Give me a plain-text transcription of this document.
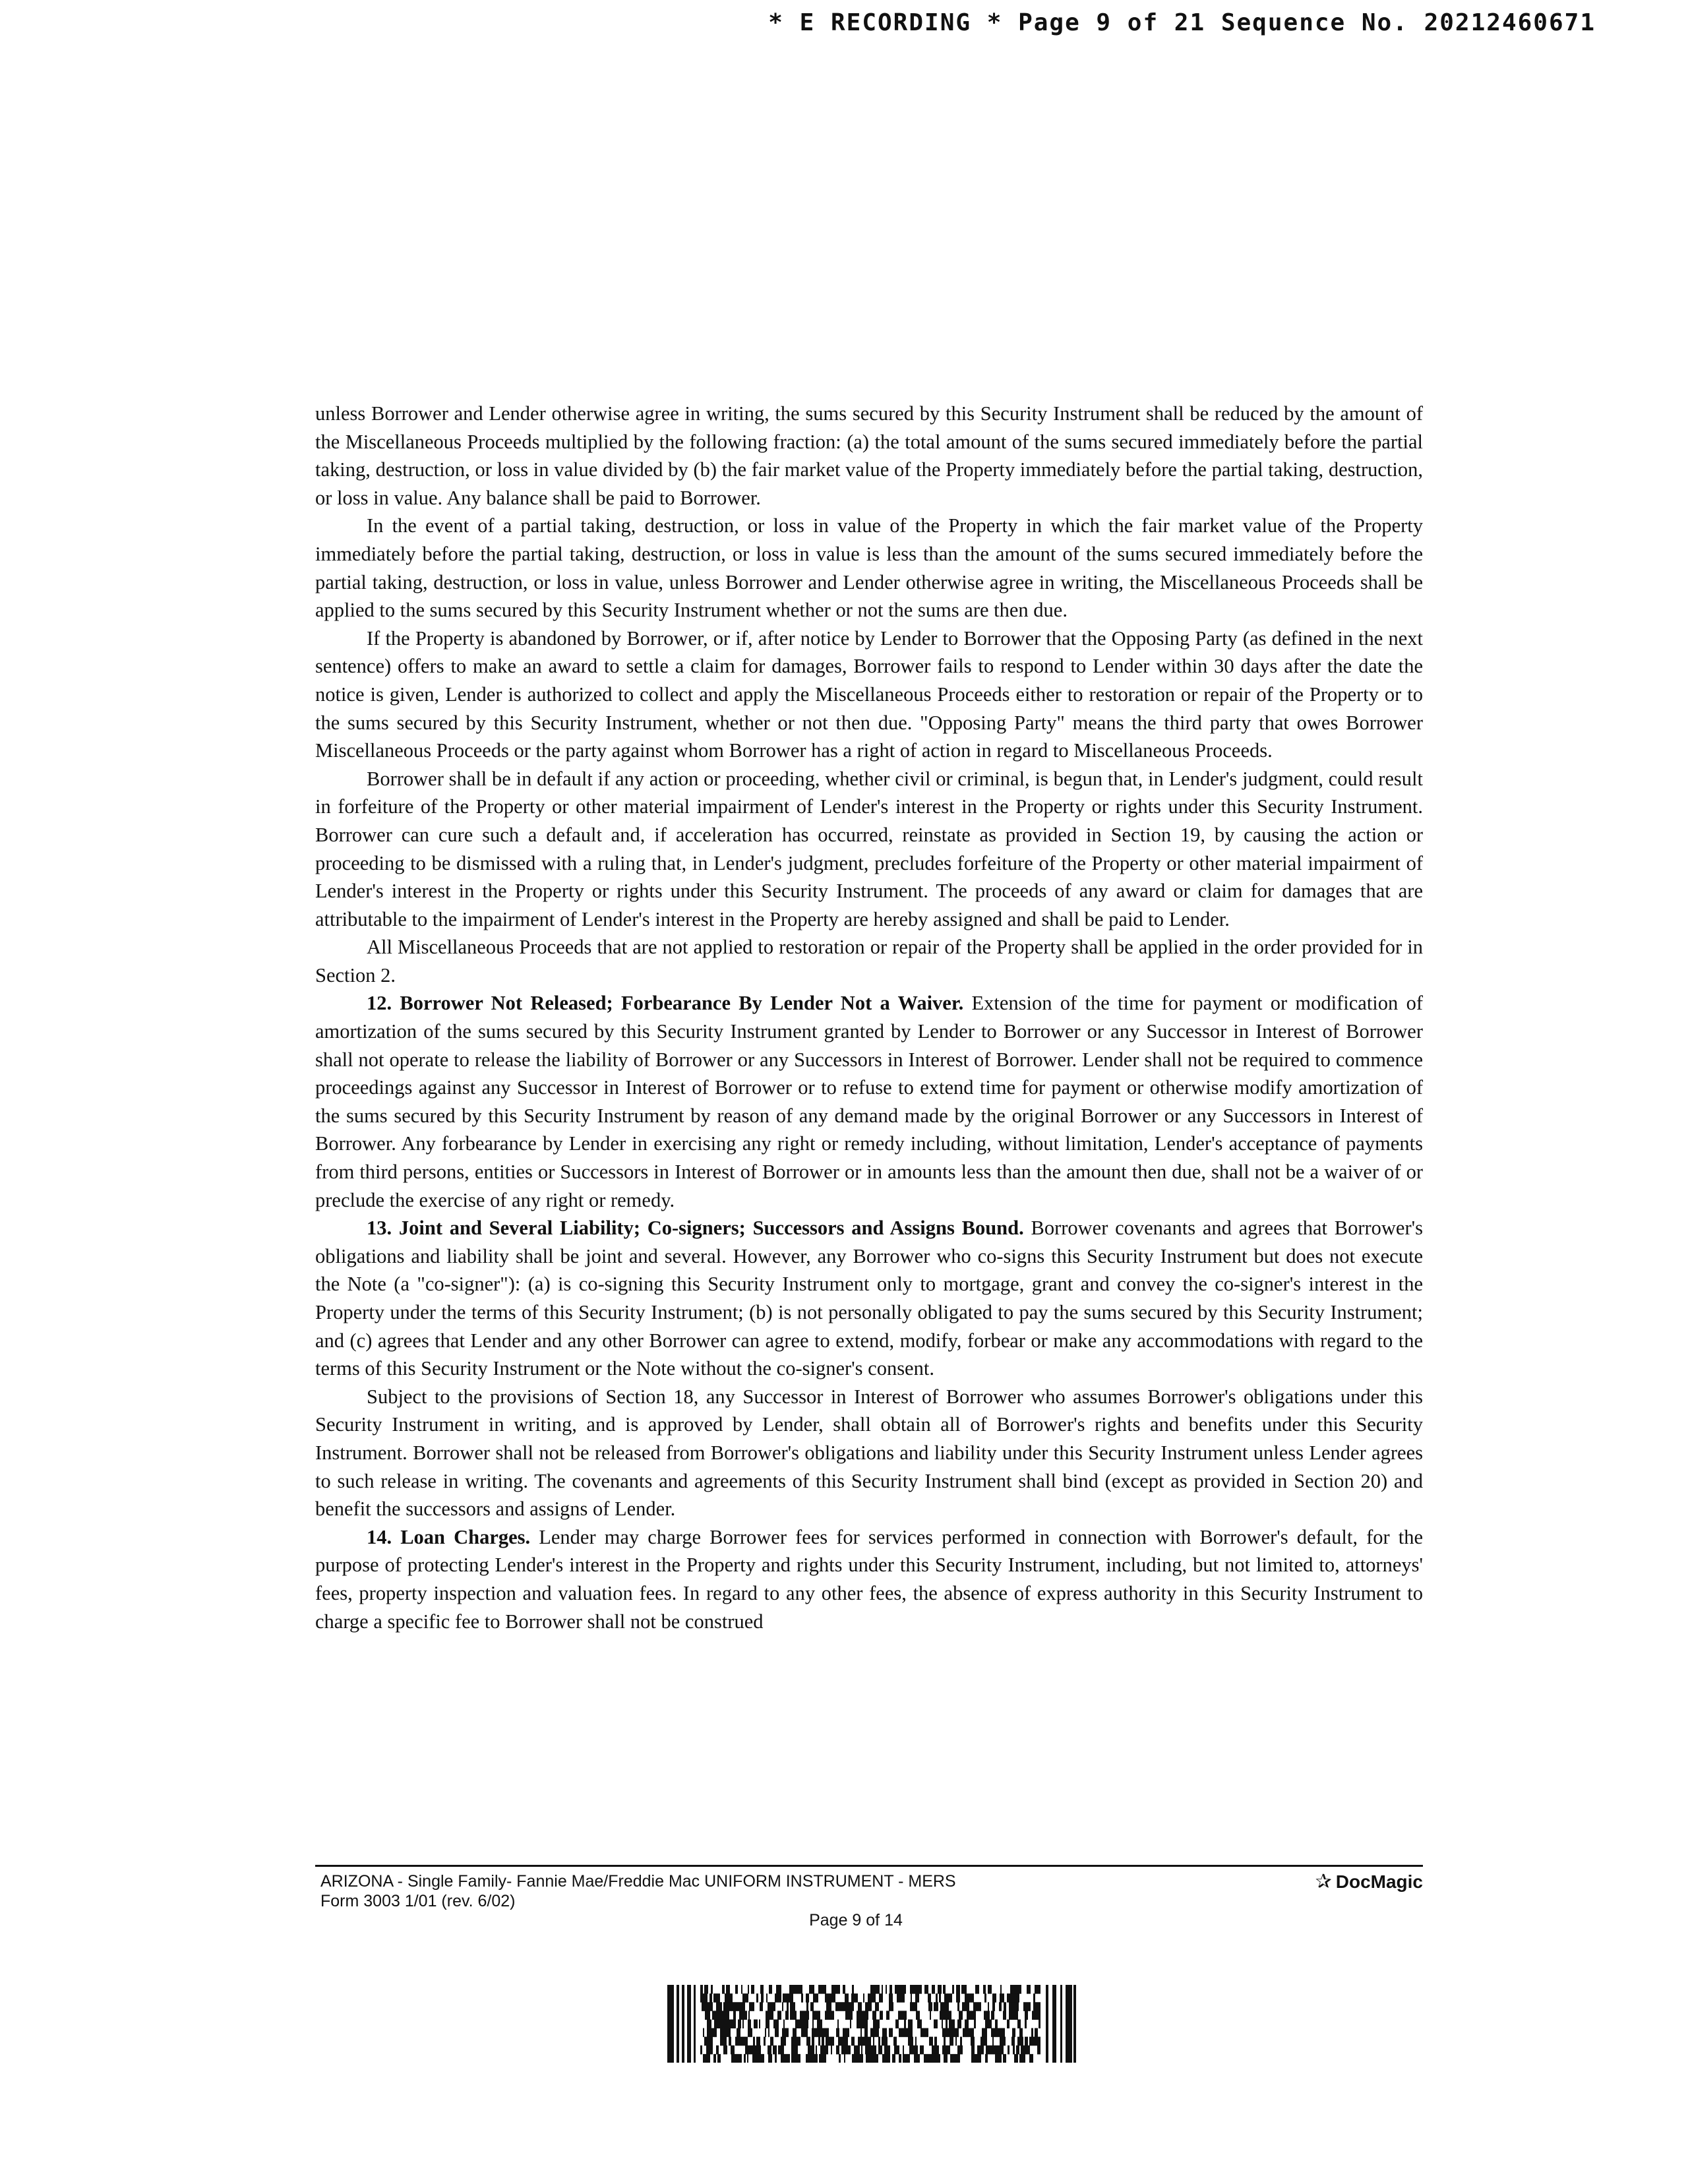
* E RECORDING * Page 9 of 21 Sequence No. 20212460671

unless Borrower and Lender otherwise agree in writing, the sums secured by this Security Instrument shall be reduced by the amount of the Miscellaneous Proceeds multiplied by the following fraction: (a) the total amount of the sums secured immediately before the partial taking, destruction, or loss in value divided by (b) the fair market value of the Property immediately before the partial taking, destruction, or loss in value. Any balance shall be paid to Borrower.

In the event of a partial taking, destruction, or loss in value of the Property in which the fair market value of the Property immediately before the partial taking, destruction, or loss in value is less than the amount of the sums secured immediately before the partial taking, destruction, or loss in value, unless Borrower and Lender otherwise agree in writing, the Miscellaneous Proceeds shall be applied to the sums secured by this Security Instrument whether or not the sums are then due.

If the Property is abandoned by Borrower, or if, after notice by Lender to Borrower that the Opposing Party (as defined in the next sentence) offers to make an award to settle a claim for damages, Borrower fails to respond to Lender within 30 days after the date the notice is given, Lender is authorized to collect and apply the Miscellaneous Proceeds either to restoration or repair of the Property or to the sums secured by this Security Instrument, whether or not then due. "Opposing Party" means the third party that owes Borrower Miscellaneous Proceeds or the party against whom Borrower has a right of action in regard to Miscellaneous Proceeds.

Borrower shall be in default if any action or proceeding, whether civil or criminal, is begun that, in Lender's judgment, could result in forfeiture of the Property or other material impairment of Lender's interest in the Property or rights under this Security Instrument. Borrower can cure such a default and, if acceleration has occurred, reinstate as provided in Section 19, by causing the action or proceeding to be dismissed with a ruling that, in Lender's judgment, precludes forfeiture of the Property or other material impairment of Lender's interest in the Property or rights under this Security Instrument. The proceeds of any award or claim for damages that are attributable to the impairment of Lender's interest in the Property are hereby assigned and shall be paid to Lender.

All Miscellaneous Proceeds that are not applied to restoration or repair of the Property shall be applied in the order provided for in Section 2.

12. Borrower Not Released; Forbearance By Lender Not a Waiver. Extension of the time for payment or modification of amortization of the sums secured by this Security Instrument granted by Lender to Borrower or any Successor in Interest of Borrower shall not operate to release the liability of Borrower or any Successors in Interest of Borrower. Lender shall not be required to commence proceedings against any Successor in Interest of Borrower or to refuse to extend time for payment or otherwise modify amortization of the sums secured by this Security Instrument by reason of any demand made by the original Borrower or any Successors in Interest of Borrower. Any forbearance by Lender in exercising any right or remedy including, without limitation, Lender's acceptance of payments from third persons, entities or Successors in Interest of Borrower or in amounts less than the amount then due, shall not be a waiver of or preclude the exercise of any right or remedy.

13. Joint and Several Liability; Co-signers; Successors and Assigns Bound. Borrower covenants and agrees that Borrower's obligations and liability shall be joint and several. However, any Borrower who co-signs this Security Instrument but does not execute the Note (a "co-signer"): (a) is co-signing this Security Instrument only to mortgage, grant and convey the co-signer's interest in the Property under the terms of this Security Instrument; (b) is not personally obligated to pay the sums secured by this Security Instrument; and (c) agrees that Lender and any other Borrower can agree to extend, modify, forbear or make any accommodations with regard to the terms of this Security Instrument or the Note without the co-signer's consent.

Subject to the provisions of Section 18, any Successor in Interest of Borrower who assumes Borrower's obligations under this Security Instrument in writing, and is approved by Lender, shall obtain all of Borrower's rights and benefits under this Security Instrument. Borrower shall not be released from Borrower's obligations and liability under this Security Instrument unless Lender agrees to such release in writing. The covenants and agreements of this Security Instrument shall bind (except as provided in Section 20) and benefit the successors and assigns of Lender.

14. Loan Charges. Lender may charge Borrower fees for services performed in connection with Borrower's default, for the purpose of protecting Lender's interest in the Property and rights under this Security Instrument, including, but not limited to, attorneys' fees, property inspection and valuation fees. In regard to any other fees, the absence of express authority in this Security Instrument to charge a specific fee to Borrower shall not be construed

ARIZONA - Single Family- Fannie Mae/Freddie Mac UNIFORM INSTRUMENT - MERS
Form 3003 1/01 (rev. 6/02)
✰ DocMagic
Page 9 of 14
